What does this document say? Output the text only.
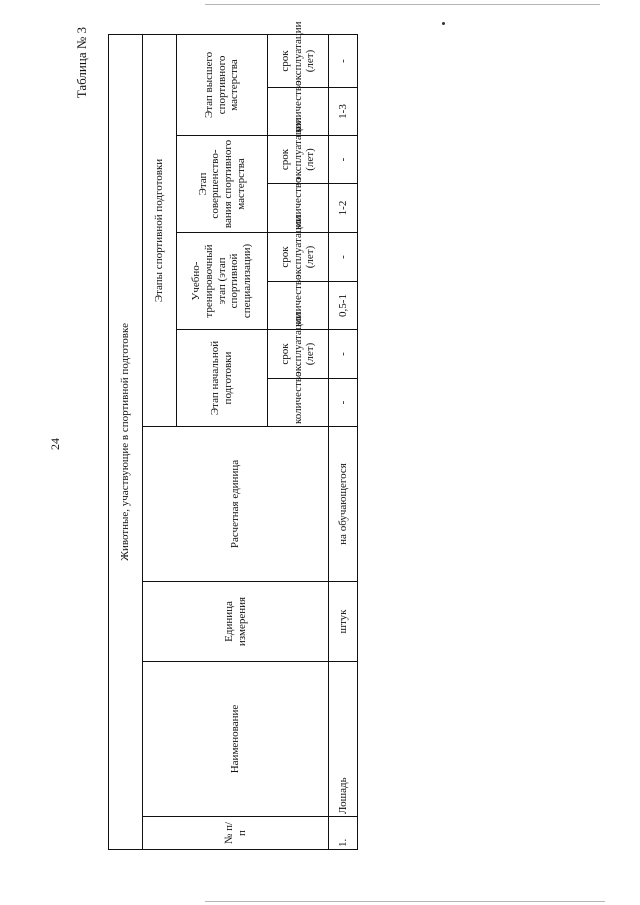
24
Таблица № 3
Животные, участвующие в спортивной подготовке											
№ п/п	Наименование	Единица измерения	Расчетная единица	Этапы спортивной подготовки							
				Этап начальной подготовки		Учебно-тренировочный этап (этап спортивной специализации)		Этап совершенство-вания спортивного мастерства		Этап высшего спортивного мастерства	
				количество	срок эксплуатации (лет)	количество	срок эксплуатации (лет)	количество	срок эксплуатации (лет)	количество	срок эксплуатации (лет)
1.	Лошадь	штук	на обучающегося	-	-	0,5-1	-	1-2	-	1-3	-
